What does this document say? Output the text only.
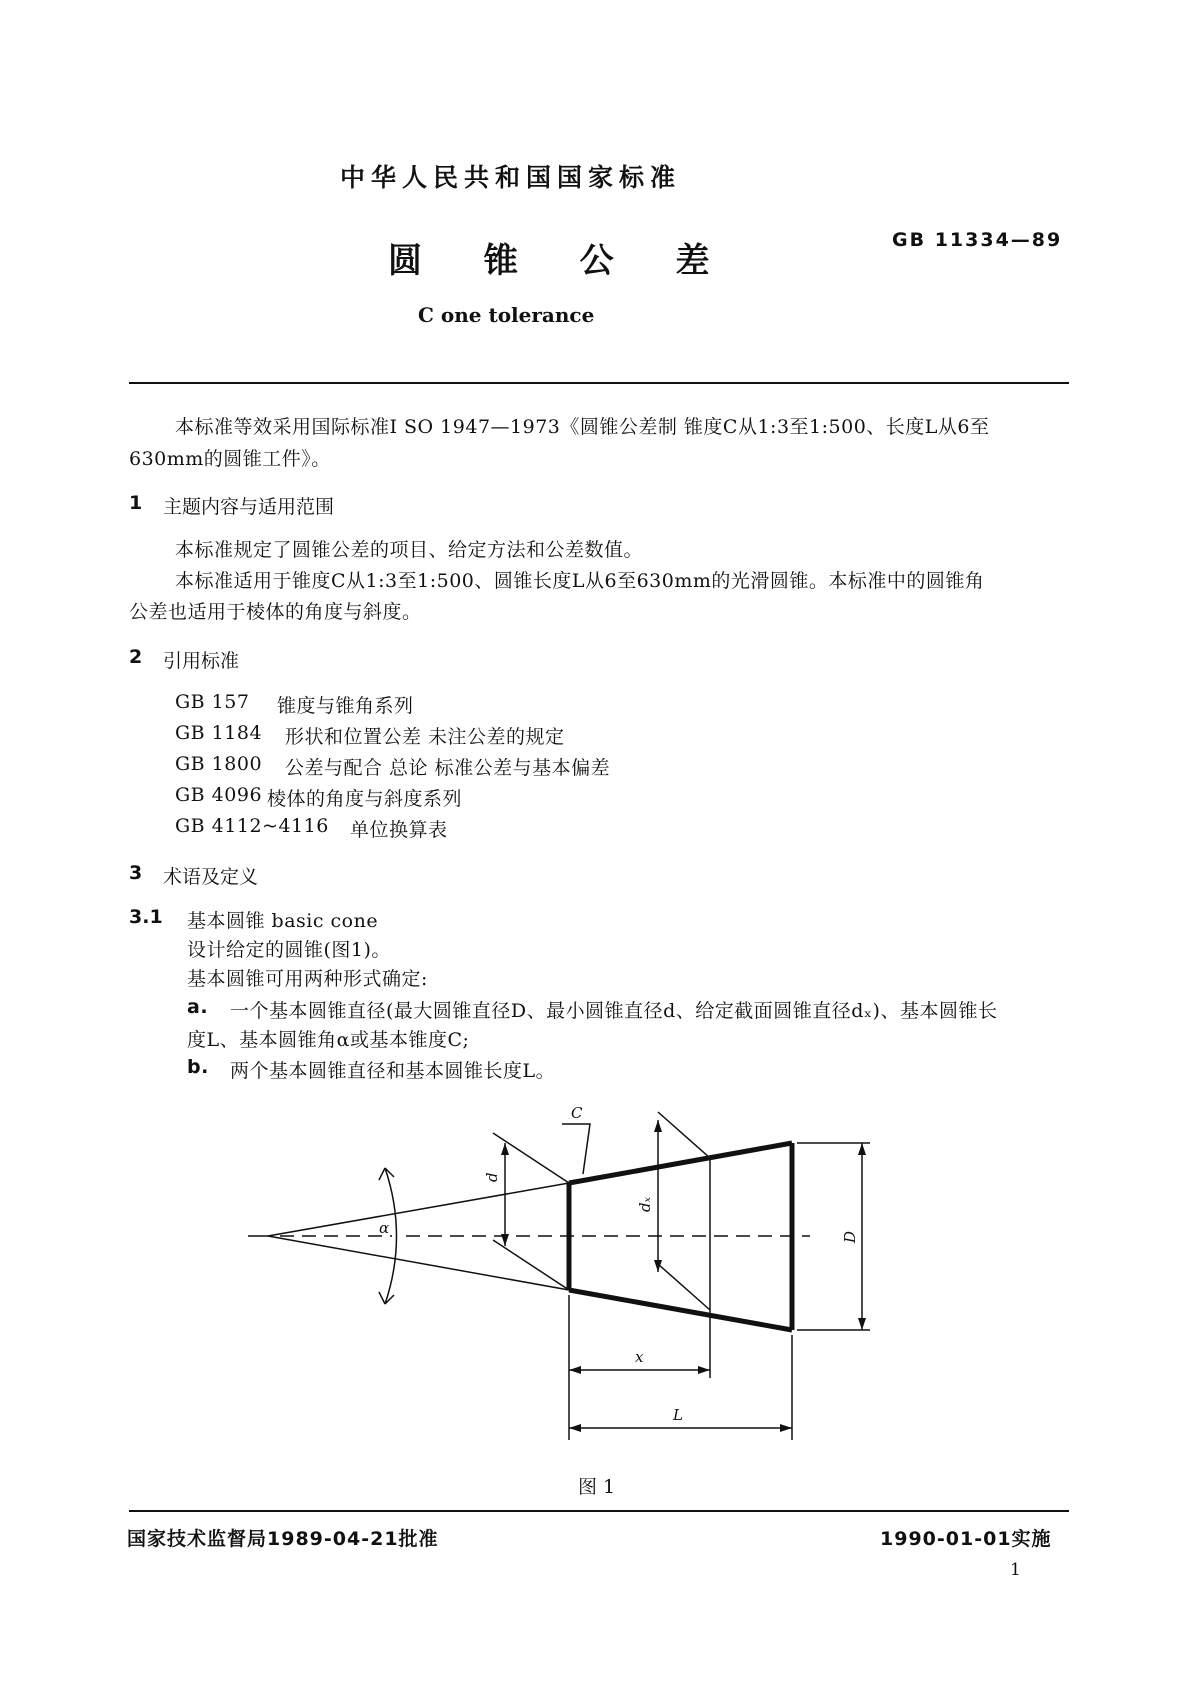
中华人民共和国国家标准
圆 锥 公 差
GB 11334—89
C one tolerance
本标准等效采用国际标准I SO 1947—1973《圆锥公差制 锥度C从1:3至1:500、长度L从6至
630mm的圆锥工件》。
1 主题内容与适用范围
本标准规定了圆锥公差的项目、给定方法和公差数值。
本标准适用于锥度C从1:3至1:500、圆锥长度L从6至630mm的光滑圆锥。本标准中的圆锥角
公差也适用于棱体的角度与斜度。
2 引用标准
GB 157 锥度与锥角系列
GB 1184 形状和位置公差 未注公差的规定
GB 1800 公差与配合 总论 标准公差与基本偏差
GB 4096 棱体的角度与斜度系列
GB 4112~4116 单位换算表
3 术语及定义
3.1 基本圆锥 basic cone
设计给定的圆锥(图1)。
基本圆锥可用两种形式确定:
a. 一个基本圆锥直径(最大圆锥直径D、最小圆锥直径d、给定截面圆锥直径dₓ)、基本圆锥长
度L、基本圆锥角α或基本锥度C;
b. 两个基本圆锥直径和基本圆锥长度L。
C
d
dₓ
α	D
x
L
图 1
国家技术监督局1989-04-21批准	1990-01-01实施
1
